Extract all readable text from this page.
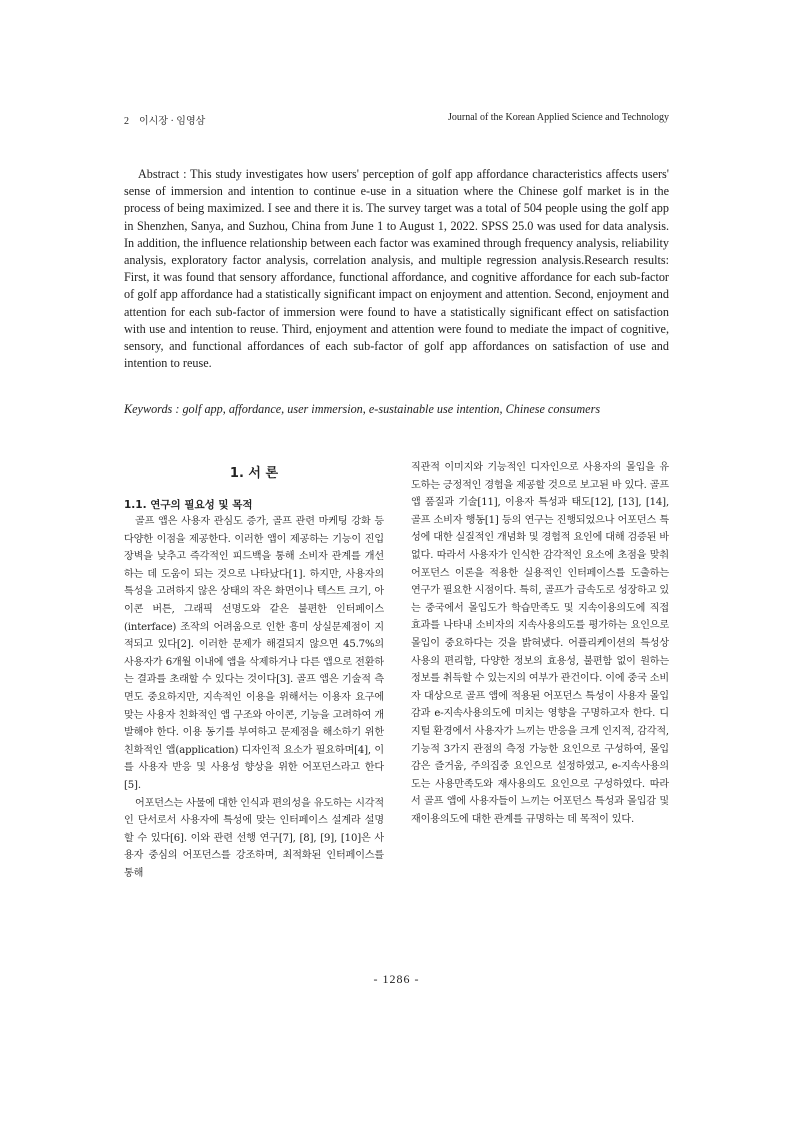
2 이시장 · 임영삼	Journal of the Korean Applied Science and Technology
Abstract : This study investigates how users' perception of golf app affordance characteristics affects users' sense of immersion and intention to continue e-use in a situation where the Chinese golf market is in the process of being maximized. I see and there it is. The survey target was a total of 504 people using the golf app in Shenzhen, Sanya, and Suzhou, China from June 1 to August 1, 2022. SPSS 25.0 was used for data analysis. In addition, the influence relationship between each factor was examined through frequency analysis, reliability analysis, exploratory factor analysis, correlation analysis, and multiple regression analysis.Research results: First, it was found that sensory affordance, functional affordance, and cognitive affordance for each sub-factor of golf app affordance had a statistically significant impact on enjoyment and attention. Second, enjoyment and attention for each sub-factor of immersion were found to have a statistically significant effect on satisfaction with use and intention to reuse. Third, enjoyment and attention were found to mediate the impact of cognitive, sensory, and functional affordances of each sub-factor of golf app affordances on satisfaction of use and intention to reuse.
Keywords : golf app, affordance, user immersion, e-sustainable use intention, Chinese consumers
1. 서 론
1.1. 연구의 필요성 및 목적

골프 앱은 사용자 관심도 증가, 골프 관련 마케팅 강화 등 다양한 이점을 제공한다. 이러한 앱이 제공하는 기능이 진입 장벽을 낮추고 즉각적인 피드백을 통해 소비자 관계를 개선하는 데 도움이 되는 것으로 나타났다[1]. 하지만, 사용자의 특성을 고려하지 않은 상태의 작은 화면이나 텍스트 크기, 아이콘 버튼, 그래픽 선명도와 같은 불편한 인터페이스(interface) 조작의 어려움으로 인한 흥미 상실문제점이 지적되고 있다[2]. 이러한 문제가 해결되지 않으면 45.7%의 사용자가 6개월 이내에 앱을 삭제하거나 다른 앱으로 전환하는 결과를 초래할 수 있다는 것이다[3]. 골프 앱은 기술적 측면도 중요하지만, 지속적인 이용을 위해서는 이용자 요구에 맞는 사용자 친화적인 앱 구조와 아이콘, 기능을 고려하여 개발해야 한다. 이용 동기를 부여하고 문제점을 해소하기 위한 친화적인 앱(application) 디자인적 요소가 필요하며[4], 이를 사용자 반응 및 사용성 향상을 위한 어포던스라고 한다[5].

어포던스는 사물에 대한 인식과 편의성을 유도하는 시각적인 단서로서 사용자에 특성에 맞는 인터페이스 설계라 설명할 수 있다[6]. 이와 관련 선행 연구[7], [8], [9], [10]은 사용자 중심의 어포던스를 강조하며, 최적화된 인터페이스를 통해

직관적 이미지와 기능적인 디자인으로 사용자의 몰입을 유도하는 긍정적인 경험을 제공할 것으로 보고된 바 있다. 골프 앱 품질과 기술[11], 이용자 특성과 태도[12], [13], [14], 골프 소비자 행동[1] 등의 연구는 진행되었으나 어포던스 특성에 대한 실질적인 개념화 및 경험적 요인에 대해 검증된 바 없다. 따라서 사용자가 인식한 감각적인 요소에 초점을 맞춰 어포던스 이론을 적용한 실용적인 인터페이스를 도출하는 연구가 필요한 시점이다. 특히, 골프가 급속도로 성장하고 있는 중국에서 몰입도가 학습만족도 및 지속이용의도에 직접 효과를 나타내 소비자의 지속사용의도를 평가하는 요인으로 몰입이 중요하다는 것을 밝혀냈다. 어플리케이션의 특성상 사용의 편리함, 다양한 정보의 효용성, 불편함 없이 원하는 정보를 취득할 수 있는지의 여부가 관건이다. 이에 중국 소비자 대상으로 골프 앱에 적용된 어포던스 특성이 사용자 몰입감과 e-지속사용의도에 미치는 영향을 구명하고자 한다. 디지털 환경에서 사용자가 느끼는 반응을 크게 인지적, 감각적, 기능적 3가지 관점의 측정 가능한 요인으로 구성하여, 몰입감은 즐거움, 주의집중 요인으로 설정하였고, e-지속사용의도는 사용만족도와 재사용의도 요인으로 구성하였다. 따라서 골프 앱에 사용자들이 느끼는 어포던스 특성과 몰입감 및 재이용의도에 대한 관계를 규명하는 데 목적이 있다.

- 1286 -
